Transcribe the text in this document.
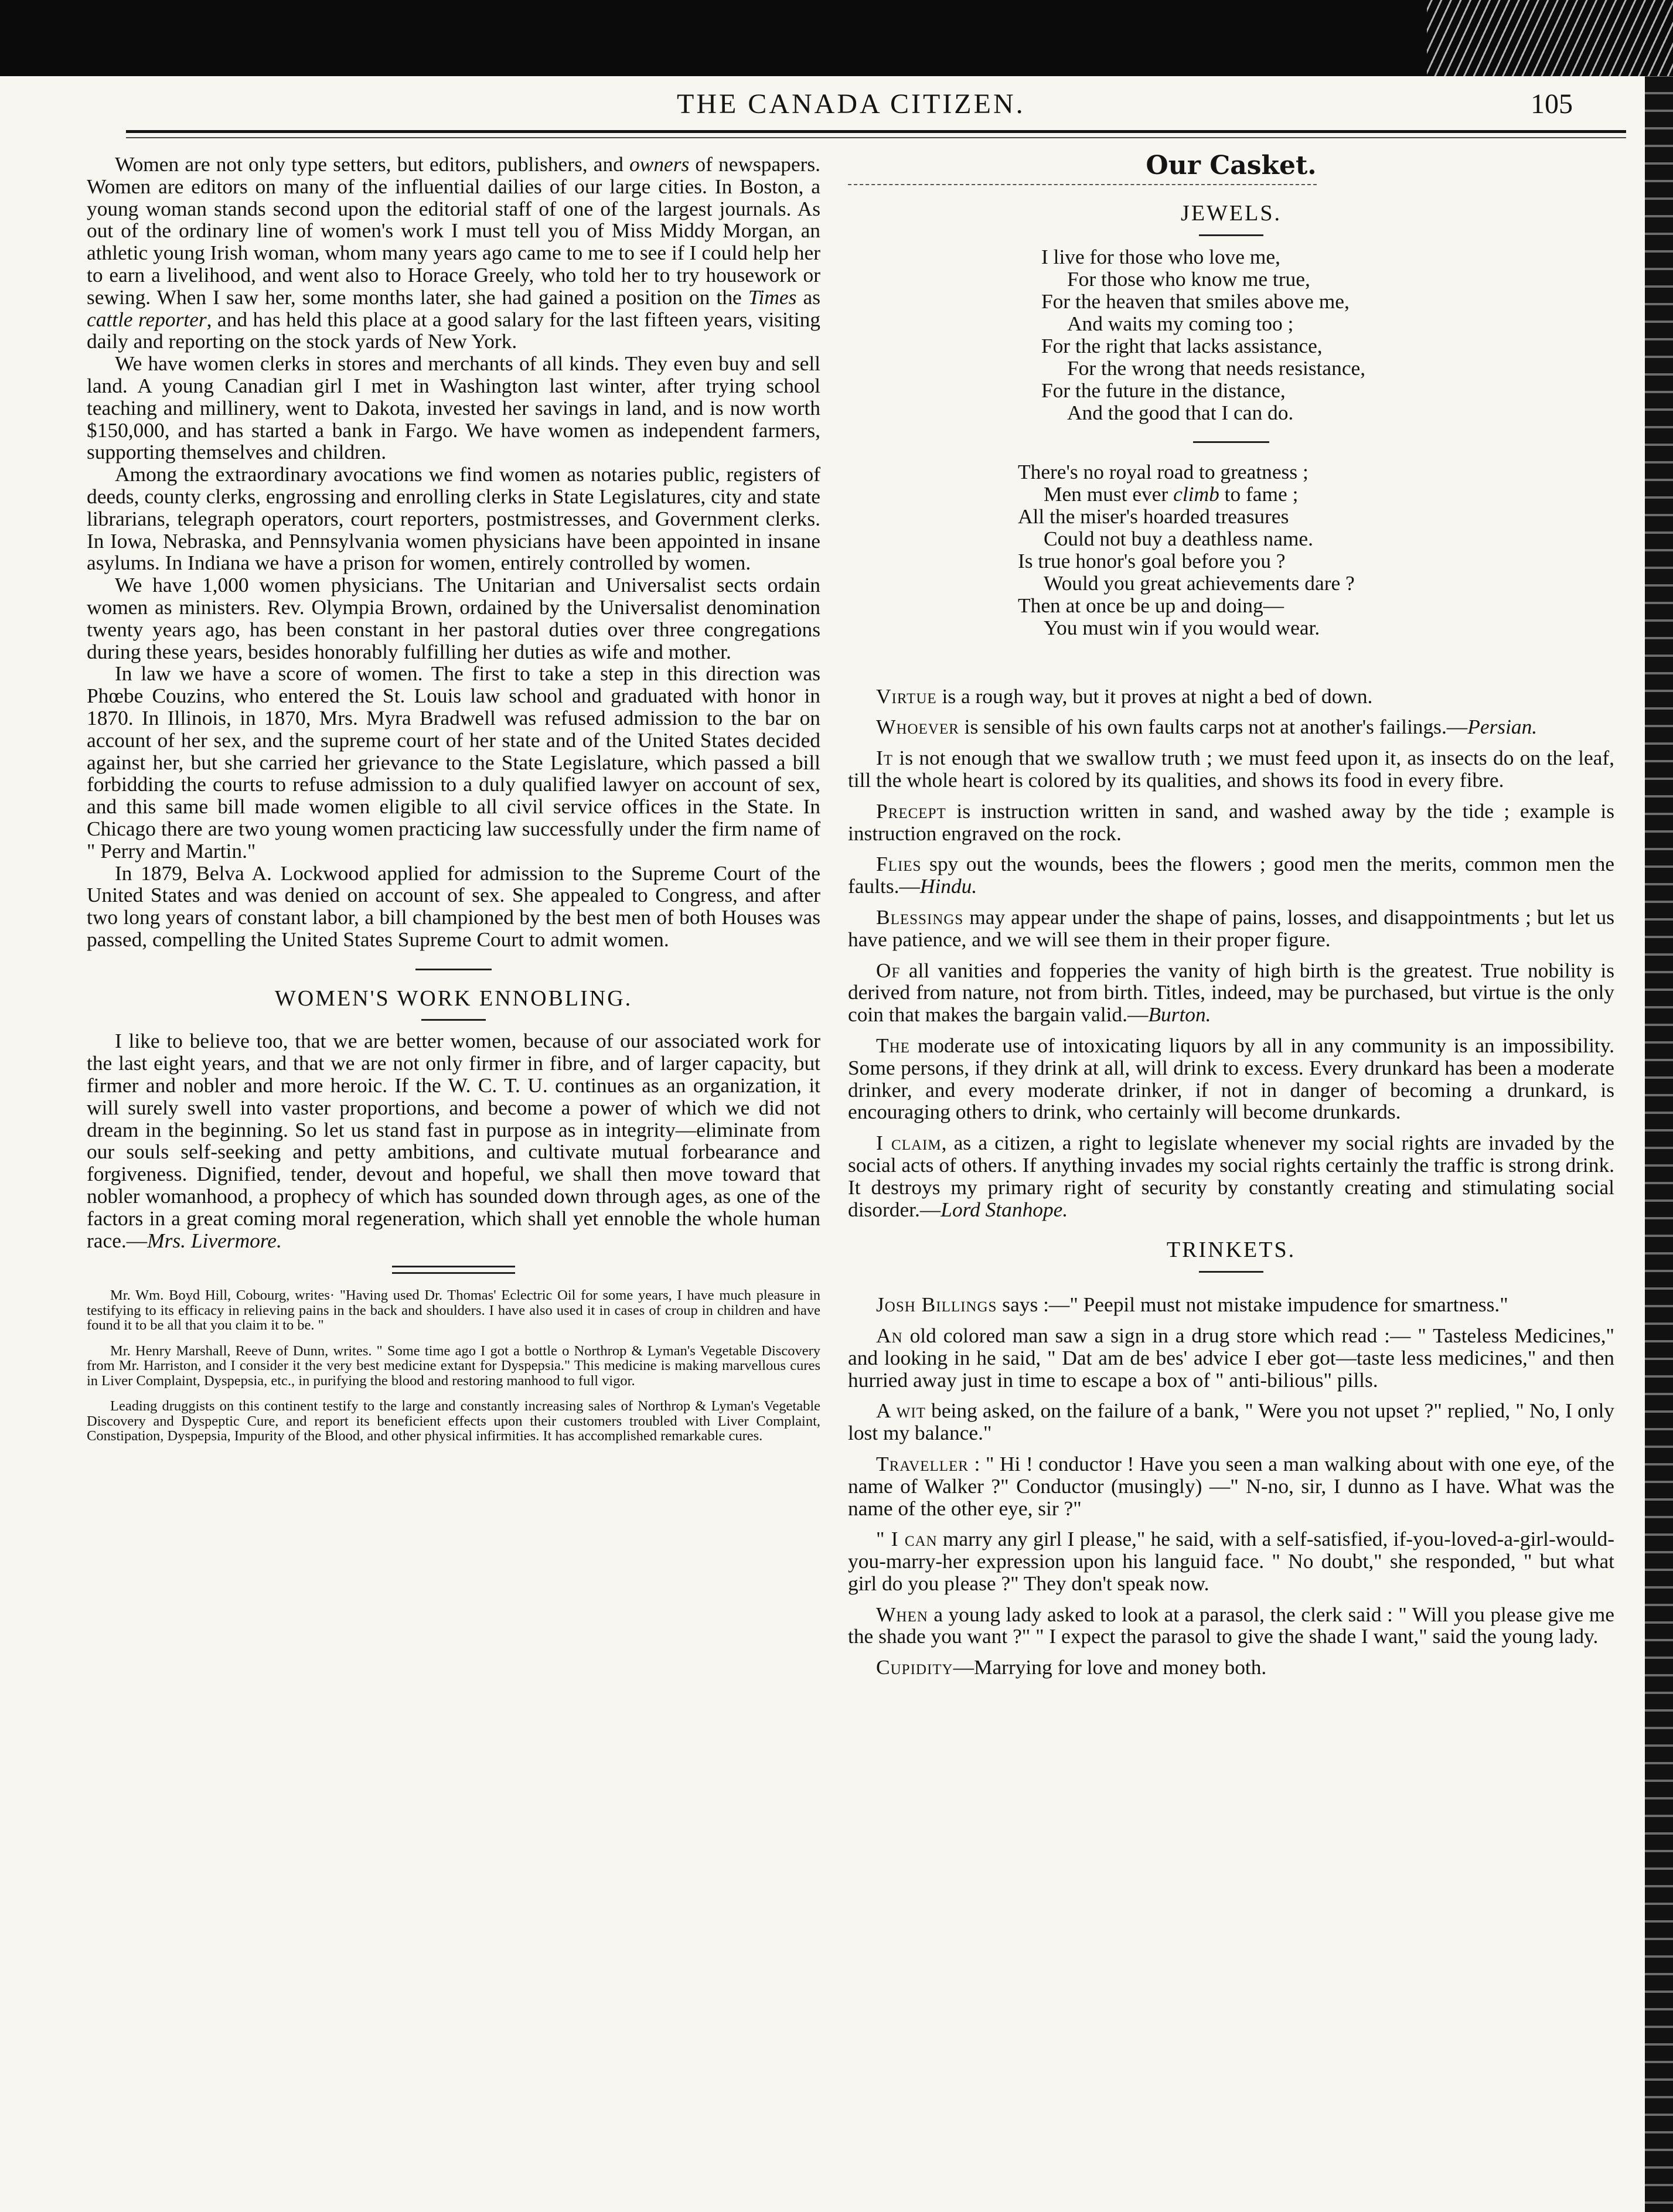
THE CANADA CITIZEN.	105

Women are not only type setters, but editors, publishers, and owners of newspapers. Women are editors on many of the influential dailies of our large cities. In Boston, a young woman stands second upon the editorial staff of one of the largest journals. As out of the ordinary line of women's work I must tell you of Miss Middy Morgan, an athletic young Irish woman, whom many years ago came to me to see if I could help her to earn a livelihood, and went also to Horace Greely, who told her to try housework or sewing. When I saw her, some months later, she had gained a position on the Times as cattle reporter, and has held this place at a good salary for the last fifteen years, visiting daily and reporting on the stock yards of New York.

We have women clerks in stores and merchants of all kinds. They even buy and sell land. A young Canadian girl I met in Washington last winter, after trying school teaching and millinery, went to Dakota, invested her savings in land, and is now worth $150,000, and has started a bank in Fargo. We have women as independent farmers, supporting themselves and children.

Among the extraordinary avocations we find women as notaries public, registers of deeds, county clerks, engrossing and enrolling clerks in State Legislatures, city and state librarians, telegraph operators, court reporters, postmistresses, and Government clerks. In Iowa, Nebraska, and Pennsylvania women physicians have been appointed in insane asylums. In Indiana we have a prison for women, entirely controlled by women.

We have 1,000 women physicians. The Unitarian and Universalist sects ordain women as ministers. Rev. Olympia Brown, ordained by the Universalist denomination twenty years ago, has been constant in her pastoral duties over three congregations during these years, besides honorably fulfilling her duties as wife and mother.

In law we have a score of women. The first to take a step in this direction was Phœbe Couzins, who entered the St. Louis law school and graduated with honor in 1870. In Illinois, in 1870, Mrs. Myra Bradwell was refused admission to the bar on account of her sex, and the supreme court of her state and of the United States decided against her, but she carried her grievance to the State Legislature, which passed a bill forbidding the courts to refuse admission to a duly qualified lawyer on account of sex, and this same bill made women eligible to all civil service offices in the State. In Chicago there are two young women practicing law successfully under the firm name of " Perry and Martin."

In 1879, Belva A. Lockwood applied for admission to the Supreme Court of the United States and was denied on account of sex. She appealed to Congress, and after two long years of constant labor, a bill championed by the best men of both Houses was passed, compelling the United States Supreme Court to admit women.

WOMEN'S WORK ENNOBLING.

I like to believe too, that we are better women, because of our associated work for the last eight years, and that we are not only firmer in fibre, and of larger capacity, but firmer and nobler and more heroic. If the W. C. T. U. continues as an organization, it will surely swell into vaster proportions, and become a power of which we did not dream in the beginning. So let us stand fast in purpose as in integrity—eliminate from our souls self-seeking and petty ambitions, and cultivate mutual forbearance and forgiveness. Dignified, tender, devout and hopeful, we shall then move toward that nobler womanhood, a prophecy of which has sounded down through ages, as one of the factors in a great coming moral regeneration, which shall yet ennoble the whole human race.—Mrs. Livermore.

Mr. Wm. Boyd Hill, Cobourg, writes· "Having used Dr. Thomas' Eclectric Oil for some years, I have much pleasure in testifying to its efficacy in relieving pains in the back and shoulders. I have also used it in cases of croup in children and have found it to be all that you claim it to be. "

Mr. Henry Marshall, Reeve of Dunn, writes. " Some time ago I got a bottle o Northrop & Lyman's Vegetable Discovery from Mr. Harriston, and I consider it the very best medicine extant for Dyspepsia." This medicine is making marvellous cures in Liver Complaint, Dyspepsia, etc., in purifying the blood and restoring manhood to full vigor.

Leading druggists on this continent testify to the large and constantly increasing sales of Northrop & Lyman's Vegetable Discovery and Dyspeptic Cure, and report its beneficient effects upon their customers troubled with Liver Complaint, Constipation, Dyspepsia, Impurity of the Blood, and other physical infirmities. It has accomplished remarkable cures.

Our Casket.

JEWELS.

I live for those who love me,
For those who know me true,
For the heaven that smiles above me,
And waits my coming too ;
For the right that lacks assistance,
For the wrong that needs resistance,
For the future in the distance,
And the good that I can do.
There's no royal road to greatness ;
Men must ever climb to fame ;
All the miser's hoarded treasures
Could not buy a deathless name.
Is true honor's goal before you ?
Would you great achievements dare ?
Then at once be up and doing—
You must win if you would wear.

Virtue is a rough way, but it proves at night a bed of down.

Whoever is sensible of his own faults carps not at another's failings.—Persian.

It is not enough that we swallow truth ; we must feed upon it, as insects do on the leaf, till the whole heart is colored by its qualities, and shows its food in every fibre.

Precept is instruction written in sand, and washed away by the tide ; example is instruction engraved on the rock.

Flies spy out the wounds, bees the flowers ; good men the merits, common men the faults.—Hindu.

Blessings may appear under the shape of pains, losses, and disappointments ; but let us have patience, and we will see them in their proper figure.

Of all vanities and fopperies the vanity of high birth is the greatest. True nobility is derived from nature, not from birth. Titles, indeed, may be purchased, but virtue is the only coin that makes the bargain valid.—Burton.

The moderate use of intoxicating liquors by all in any community is an impossibility. Some persons, if they drink at all, will drink to excess. Every drunkard has been a moderate drinker, and every moderate drinker, if not in danger of becoming a drunkard, is encouraging others to drink, who certainly will become drunkards.

I claim, as a citizen, a right to legislate whenever my social rights are invaded by the social acts of others. If anything invades my social rights certainly the traffic is strong drink. It destroys my primary right of security by constantly creating and stimulating social disorder.—Lord Stanhope.

TRINKETS.

Josh Billings says :—" Peepil must not mistake impudence for smartness."

An old colored man saw a sign in a drug store which read :— " Tasteless Medicines," and looking in he said, " Dat am de bes' advice I eber got—taste less medicines," and then hurried away just in time to escape a box of " anti-bilious" pills.

A wit being asked, on the failure of a bank, " Were you not upset ?" replied, " No, I only lost my balance."

Traveller : " Hi ! conductor ! Have you seen a man walking about with one eye, of the name of Walker ?" Conductor (musingly) —" N-no, sir, I dunno as I have. What was the name of the other eye, sir ?"

" I can marry any girl I please," he said, with a self-satisfied, if-you-loved-a-girl-would-you-marry-her expression upon his languid face. " No doubt," she responded, " but what girl do you please ?" They don't speak now.

When a young lady asked to look at a parasol, the clerk said : " Will you please give me the shade you want ?" " I expect the parasol to give the shade I want," said the young lady.

Cupidity—Marrying for love and money both.
